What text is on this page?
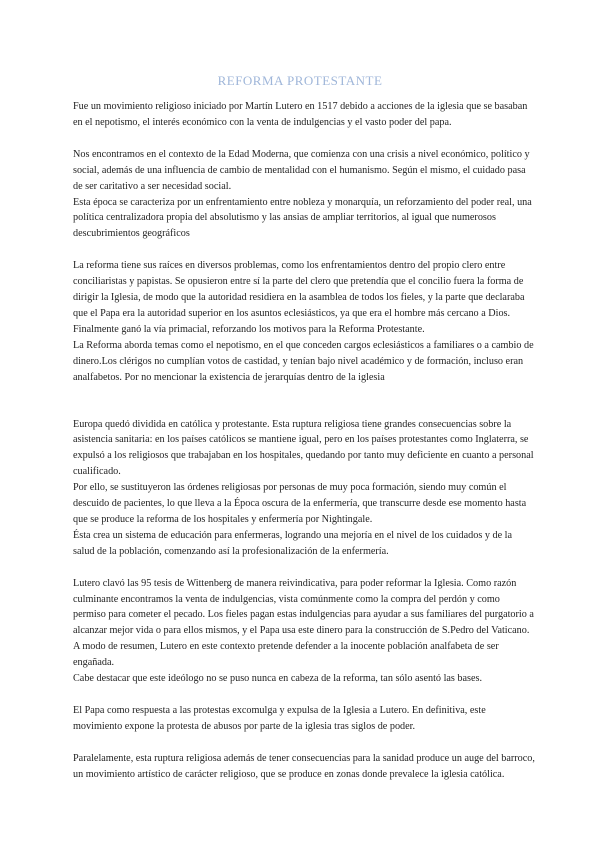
REFORMA PROTESTANTE

Fue un movimiento religioso iniciado por Martín Lutero en 1517 debido a acciones de la iglesia que se basaban en el nepotismo, el interés económico con la venta de indulgencias y el vasto poder del papa.

Nos encontramos en el contexto de la Edad Moderna, que comienza con una crisis a nivel económico, político y social, además de una influencia de cambio de mentalidad con el humanismo. Según el mismo, el cuidado pasa de ser caritativo a ser necesidad social.

Esta época se caracteriza por un enfrentamiento entre nobleza y monarquía, un reforzamiento del poder real, una política centralizadora propia del absolutismo y las ansias de ampliar territorios, al igual que numerosos descubrimientos geográficos

La reforma tiene sus raíces en diversos problemas, como los enfrentamientos dentro del propio clero entre conciliaristas y papistas. Se opusieron entre sí la parte del clero que pretendía que el concilio fuera la forma de dirigir la Iglesia, de modo que la autoridad residiera en la asamblea de todos los fieles, y la parte que declaraba que el Papa era la autoridad superior en los asuntos eclesiásticos, ya que era el hombre más cercano a Dios. Finalmente ganó la vía primacial, reforzando los motivos para la Reforma Protestante.

La Reforma aborda temas como el nepotismo, en el que conceden cargos eclesiásticos a familiares o a cambio de dinero.Los clérigos no cumplían votos de castidad, y tenían bajo nivel académico y de formación, incluso eran analfabetos. Por no mencionar la existencia de jerarquías dentro de la iglesia

Europa quedó dividida en católica y protestante. Esta ruptura religiosa tiene grandes consecuencias sobre la asistencia sanitaria: en los países católicos se mantiene igual, pero en los países protestantes como Inglaterra, se expulsó a los religiosos que trabajaban en los hospitales, quedando por tanto muy deficiente en cuanto a personal cualificado.

Por ello, se sustituyeron las órdenes religiosas por personas de muy poca formación, siendo muy común el descuido de pacientes, lo que lleva a la Época oscura de la enfermería, que transcurre desde ese momento hasta que se produce la reforma de los hospitales y enfermería por Nightingale.

Ésta crea un sistema de educación para enfermeras, logrando una mejoría en el nivel de los cuidados y de la salud de la población, comenzando así la profesionalización de la enfermería.

Lutero clavó las 95 tesis de Wittenberg de manera reivindicativa, para poder reformar la Iglesia. Como razón culminante encontramos la venta de indulgencias, vista comúnmente como la compra del perdón y como permiso para cometer el pecado. Los fieles pagan estas indulgencias para ayudar a sus familiares del purgatorio a alcanzar mejor vida o para ellos mismos, y el Papa usa este dinero para la construcción de S.Pedro del Vaticano. A modo de resumen, Lutero en este contexto pretende defender a la inocente población analfabeta de ser engañada.

Cabe destacar que este ideólogo no se puso nunca en cabeza de la reforma, tan sólo asentó las bases.

El Papa como respuesta a las protestas excomulga y expulsa de la Iglesia a Lutero. En definitiva, este movimiento expone la protesta de abusos por parte de la iglesia tras siglos de poder.

Paralelamente, esta ruptura religiosa además de tener consecuencias para la sanidad produce un auge del barroco, un movimiento artístico de carácter religioso, que se produce en zonas donde prevalece la iglesia católica.
